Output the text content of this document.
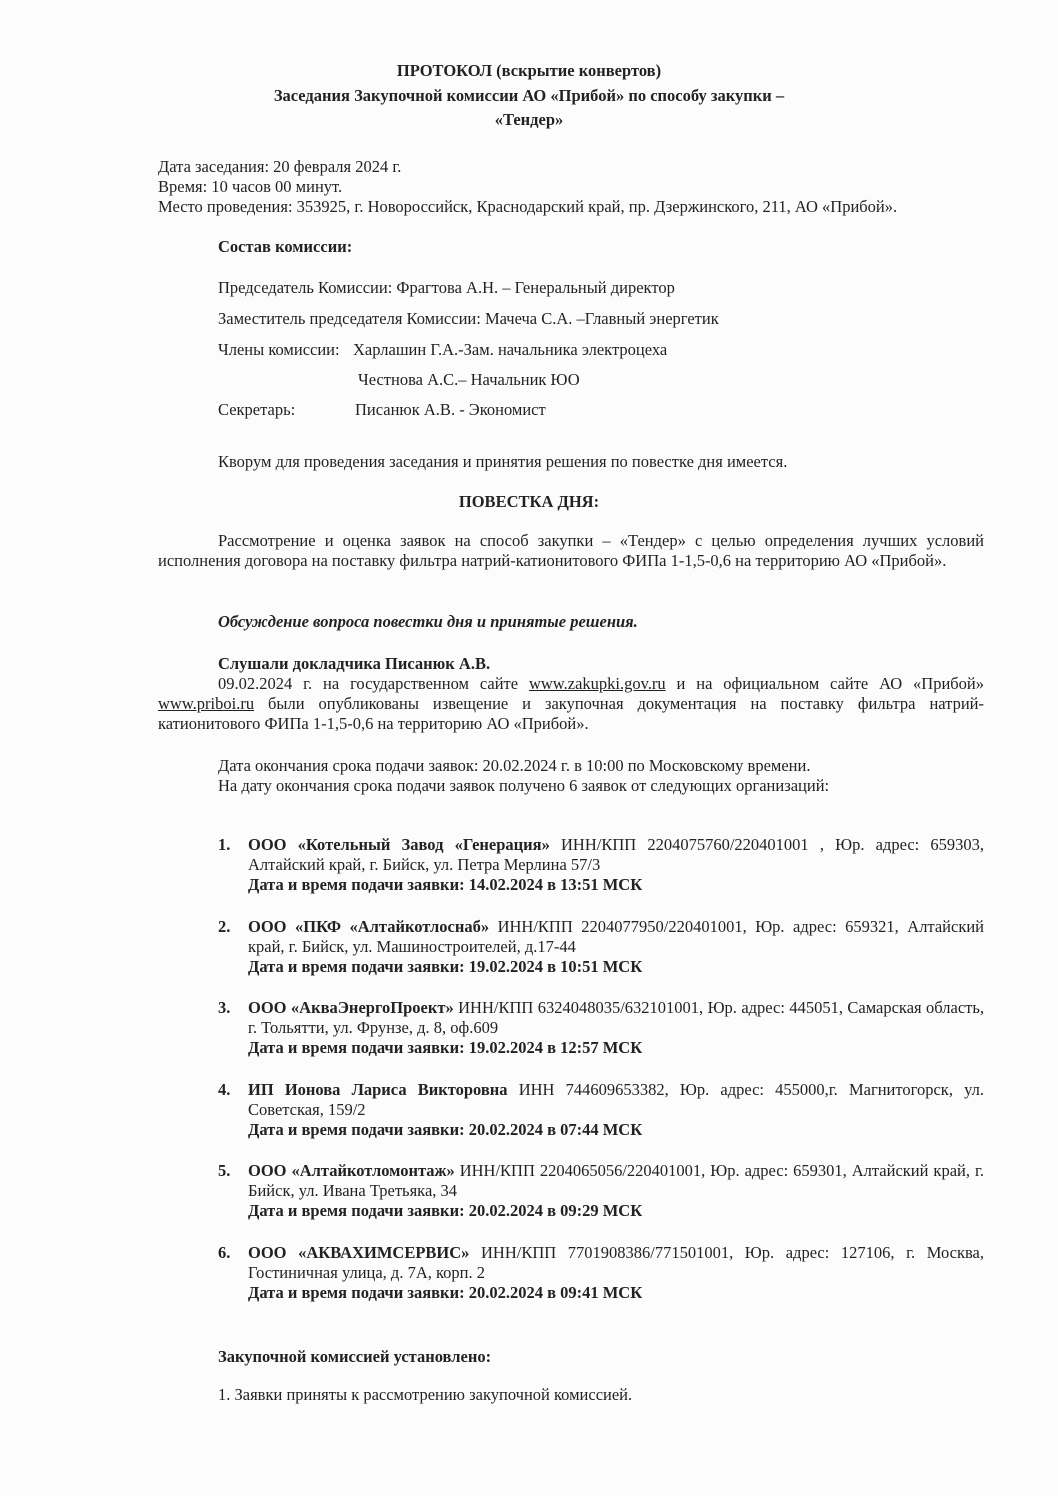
ПРОТОКОЛ (вскрытие конвертов)
Заседания Закупочной комиссии АО «Прибой» по способу закупки –
«Тендер»
Дата заседания: 20 февраля 2024 г.
Время: 10 часов 00 минут.
Место проведения: 353925, г. Новороссийск, Краснодарский край, пр. Дзержинского, 211, АО «Прибой».
Состав комиссии:
Председатель Комиссии: Фрагтова А.Н. – Генеральный директор
Заместитель председателя Комиссии: Мачеча С.А. –Главный энергетик
Члены комиссии: Харлашин Г.А.-Зам. начальника электроцеха
Честнова А.С.– Начальник ЮО
Секретарь:	Писанюк А.В. - Экономист
Кворум для проведения заседания и принятия решения по повестке дня имеется.
ПОВЕСТКА ДНЯ:
Рассмотрение и оценка заявок на способ закупки – «Тендер» с целью определения лучших условий исполнения договора на поставку фильтра натрий-катионитового ФИПа 1-1,5-0,6 на территорию АО «Прибой».
Обсуждение вопроса повестки дня и принятые решения.
Слушали докладчика Писанюк А.В.
09.02.2024 г. на государственном сайте www.zakupki.gov.ru и на официальном сайте АО «Прибой» www.priboi.ru были опубликованы извещение и закупочная документация на поставку фильтра натрий-катионитового ФИПа 1-1,5-0,6 на территорию АО «Прибой».
Дата окончания срока подачи заявок: 20.02.2024 г. в 10:00 по Московскому времени.
На дату окончания срока подачи заявок получено 6 заявок от следующих организаций:
1. ООО «Котельный Завод «Генерация» ИНН/КПП 2204075760/220401001 , Юр. адрес: 659303, Алтайский край, г. Бийск, ул. Петра Мерлина 57/3
Дата и время подачи заявки: 14.02.2024 в 13:51 МСК
2. ООО «ПКФ «Алтайкотлоснаб» ИНН/КПП 2204077950/220401001, Юр. адрес: 659321, Алтайский край, г. Бийск, ул. Машиностроителей, д.17-44
Дата и время подачи заявки: 19.02.2024 в 10:51 МСК
3. ООО «АкваЭнергоПроект» ИНН/КПП 6324048035/632101001, Юр. адрес: 445051, Самарская область, г. Тольятти, ул. Фрунзе, д. 8, оф.609
Дата и время подачи заявки: 19.02.2024 в 12:57 МСК
4. ИП Ионова Лариса Викторовна ИНН 744609653382, Юр. адрес: 455000,г. Магнитогорск, ул. Советская, 159/2
Дата и время подачи заявки: 20.02.2024 в 07:44 МСК
5. ООО «Алтайкотломонтаж» ИНН/КПП 2204065056/220401001, Юр. адрес: 659301, Алтайский край, г. Бийск, ул. Ивана Третьяка, 34
Дата и время подачи заявки: 20.02.2024 в 09:29 МСК
6. ООО «АКВАХИМСЕРВИС» ИНН/КПП 7701908386/771501001, Юр. адрес: 127106, г. Москва, Гостиничная улица, д. 7А, корп. 2
Дата и время подачи заявки: 20.02.2024 в 09:41 МСК
Закупочной комиссией установлено:
1. Заявки приняты к рассмотрению закупочной комиссией.
